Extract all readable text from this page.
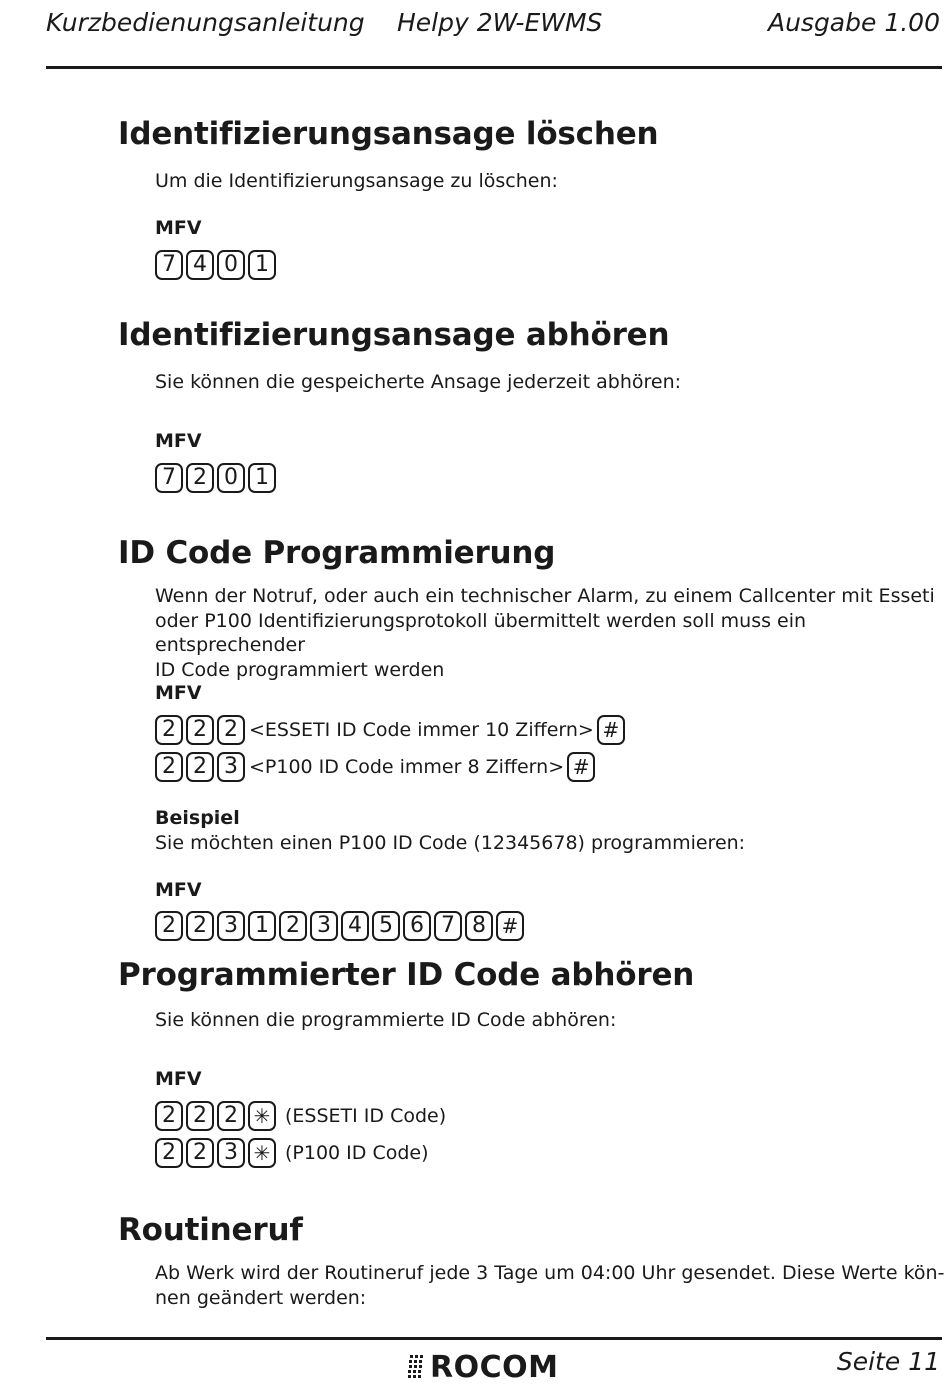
Kurzbedienungsanleitung Helpy 2W-EWMS	Ausgabe 1.00
Identifizierungsansage löschen

Um die Identifizierungsansage zu löschen:

MFV
7 4 0 1
Identifizierungsansage abhören

Sie können die gespeicherte Ansage jederzeit abhören:

MFV
7 2 0 1
ID Code Programmierung

Wenn der Notruf, oder auch ein technischer Alarm, zu einem Callcenter mit Esseti

oder P100 Identifizierungsprotokoll übermittelt werden soll muss ein entsprechender

ID Code programmiert werden

MFV
2 2 2 <ESSETI ID Code immer 10 Ziffern> #
2 2 3 <P100 ID Code immer 8 Ziffern> #

Beispiel

Sie möchten einen P100 ID Code (12345678) programmieren:

MFV
2 2 3 1 2 3 4 5 6 7 8 #
Programmierter ID Code abhören

Sie können die programmierte ID Code abhören:

MFV
2 2 2 ✳ (ESSETI ID Code)
2 2 3 ✳ (P100 ID Code)
Routineruf

Ab Werk wird der Routineruf jede 3 Tage um 04:00 Uhr gesendet. Diese Werte kön-

nen geändert werden:

ROCOM	Seite 11
